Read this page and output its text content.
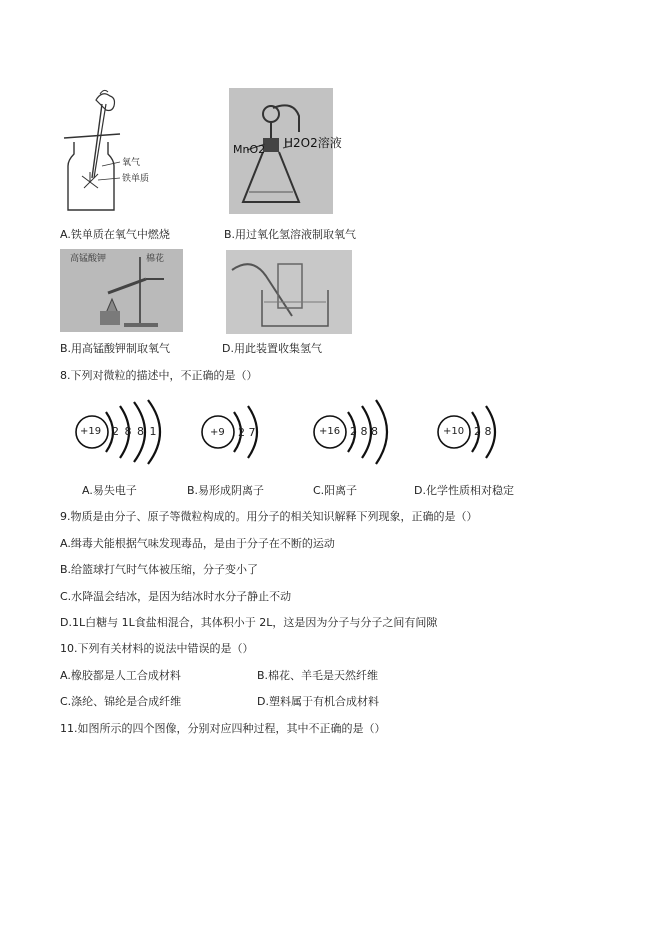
氧气
铁单质
MnO2 H2O2溶液
A.铁单质在氧气中燃烧	B.用过氧化氢溶液制取氧气
高锰酸钾	棉花
B.用高锰酸钾制取氧气	D.用此装置收集氢气
8.下列对微粒的描述中，不正确的是（）
+19 2 8 8 1	+9 2 7	+16 2 8 8	+10 2 8
A.易失电子	B.易形成阴离子	C.阳离子	D.化学性质相对稳定
9.物质是由分子、原子等微粒构成的。用分子的相关知识解释下列现象，正确的是（）
A.缉毒犬能根据气味发现毒品，是由于分子在不断的运动
B.给篮球打气时气体被压缩，分子变小了
C.水降温会结冰，是因为结冰时水分子静止不动
D.1L白糖与 1L食盐相混合，其体积小于 2L，这是因为分子与分子之间有间隙
10.下列有关材料的说法中错误的是（）
A.橡胶都是人工合成材料	B.棉花、羊毛是天然纤维
C.涤纶、锦纶是合成纤维	D.塑料属于有机合成材料
11.如图所示的四个图像，分别对应四种过程，其中不正确的是（）
